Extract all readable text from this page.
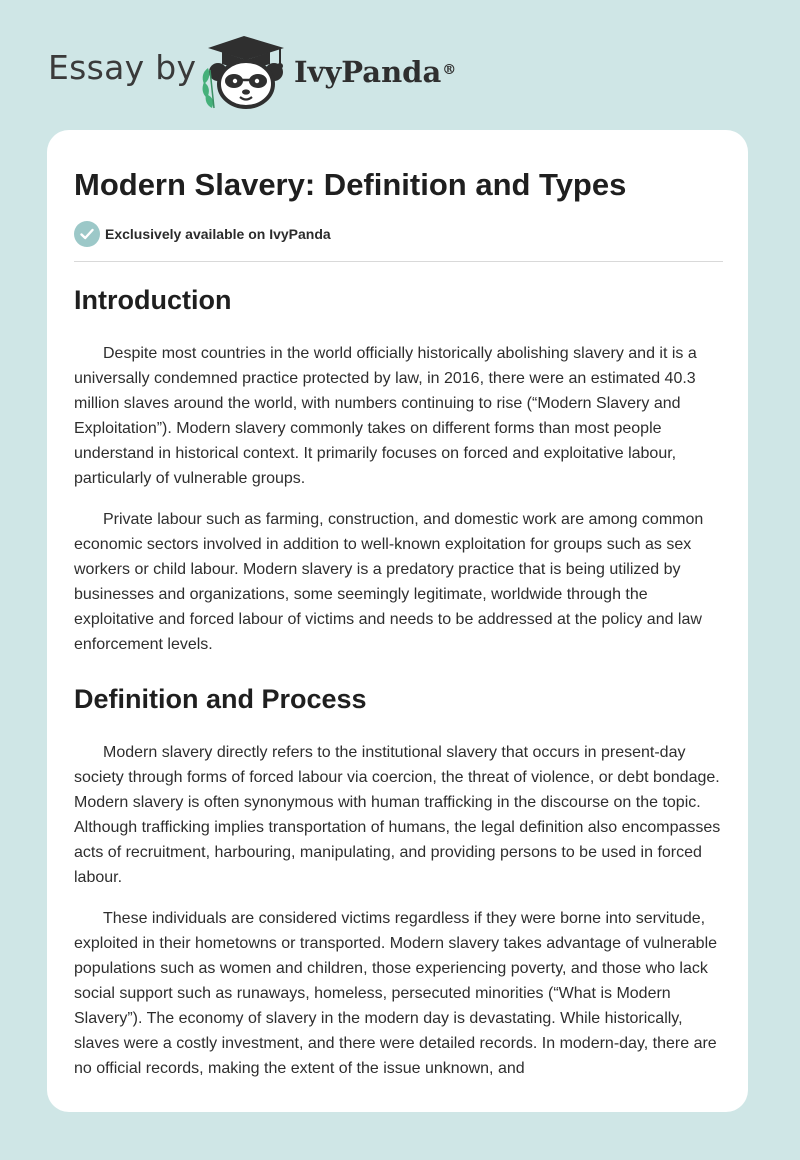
Essay by	IvyPanda®
Modern Slavery: Definition and Types
Exclusively available on IvyPanda
Introduction

Despite most countries in the world officially historically abolishing slavery and it is a universally condemned practice protected by law, in 2016, there were an estimated 40.3 million slaves around the world, with numbers continuing to rise (“Modern Slavery and Exploitation”). Modern slavery commonly takes on different forms than most people understand in historical context. It primarily focuses on forced and exploitative labour, particularly of vulnerable groups.

Private labour such as farming, construction, and domestic work are among common economic sectors involved in addition to well-known exploitation for groups such as sex workers or child labour. Modern slavery is a predatory practice that is being utilized by businesses and organizations, some seemingly legitimate, worldwide through the exploitative and forced labour of victims and needs to be addressed at the policy and law enforcement levels.

Definition and Process

Modern slavery directly refers to the institutional slavery that occurs in present-day society through forms of forced labour via coercion, the threat of violence, or debt bondage. Modern slavery is often synonymous with human trafficking in the discourse on the topic. Although trafficking implies transportation of humans, the legal definition also encompasses acts of recruitment, harbouring, manipulating, and providing persons to be used in forced labour.

These individuals are considered victims regardless if they were borne into servitude, exploited in their hometowns or transported. Modern slavery takes advantage of vulnerable populations such as women and children, those experiencing poverty, and those who lack social support such as runaways, homeless, persecuted minorities (“What is Modern Slavery”). The economy of slavery in the modern day is devastating. While historically, slaves were a costly investment, and there were detailed records. In modern-day, there are no official records, making the extent of the issue unknown, and
